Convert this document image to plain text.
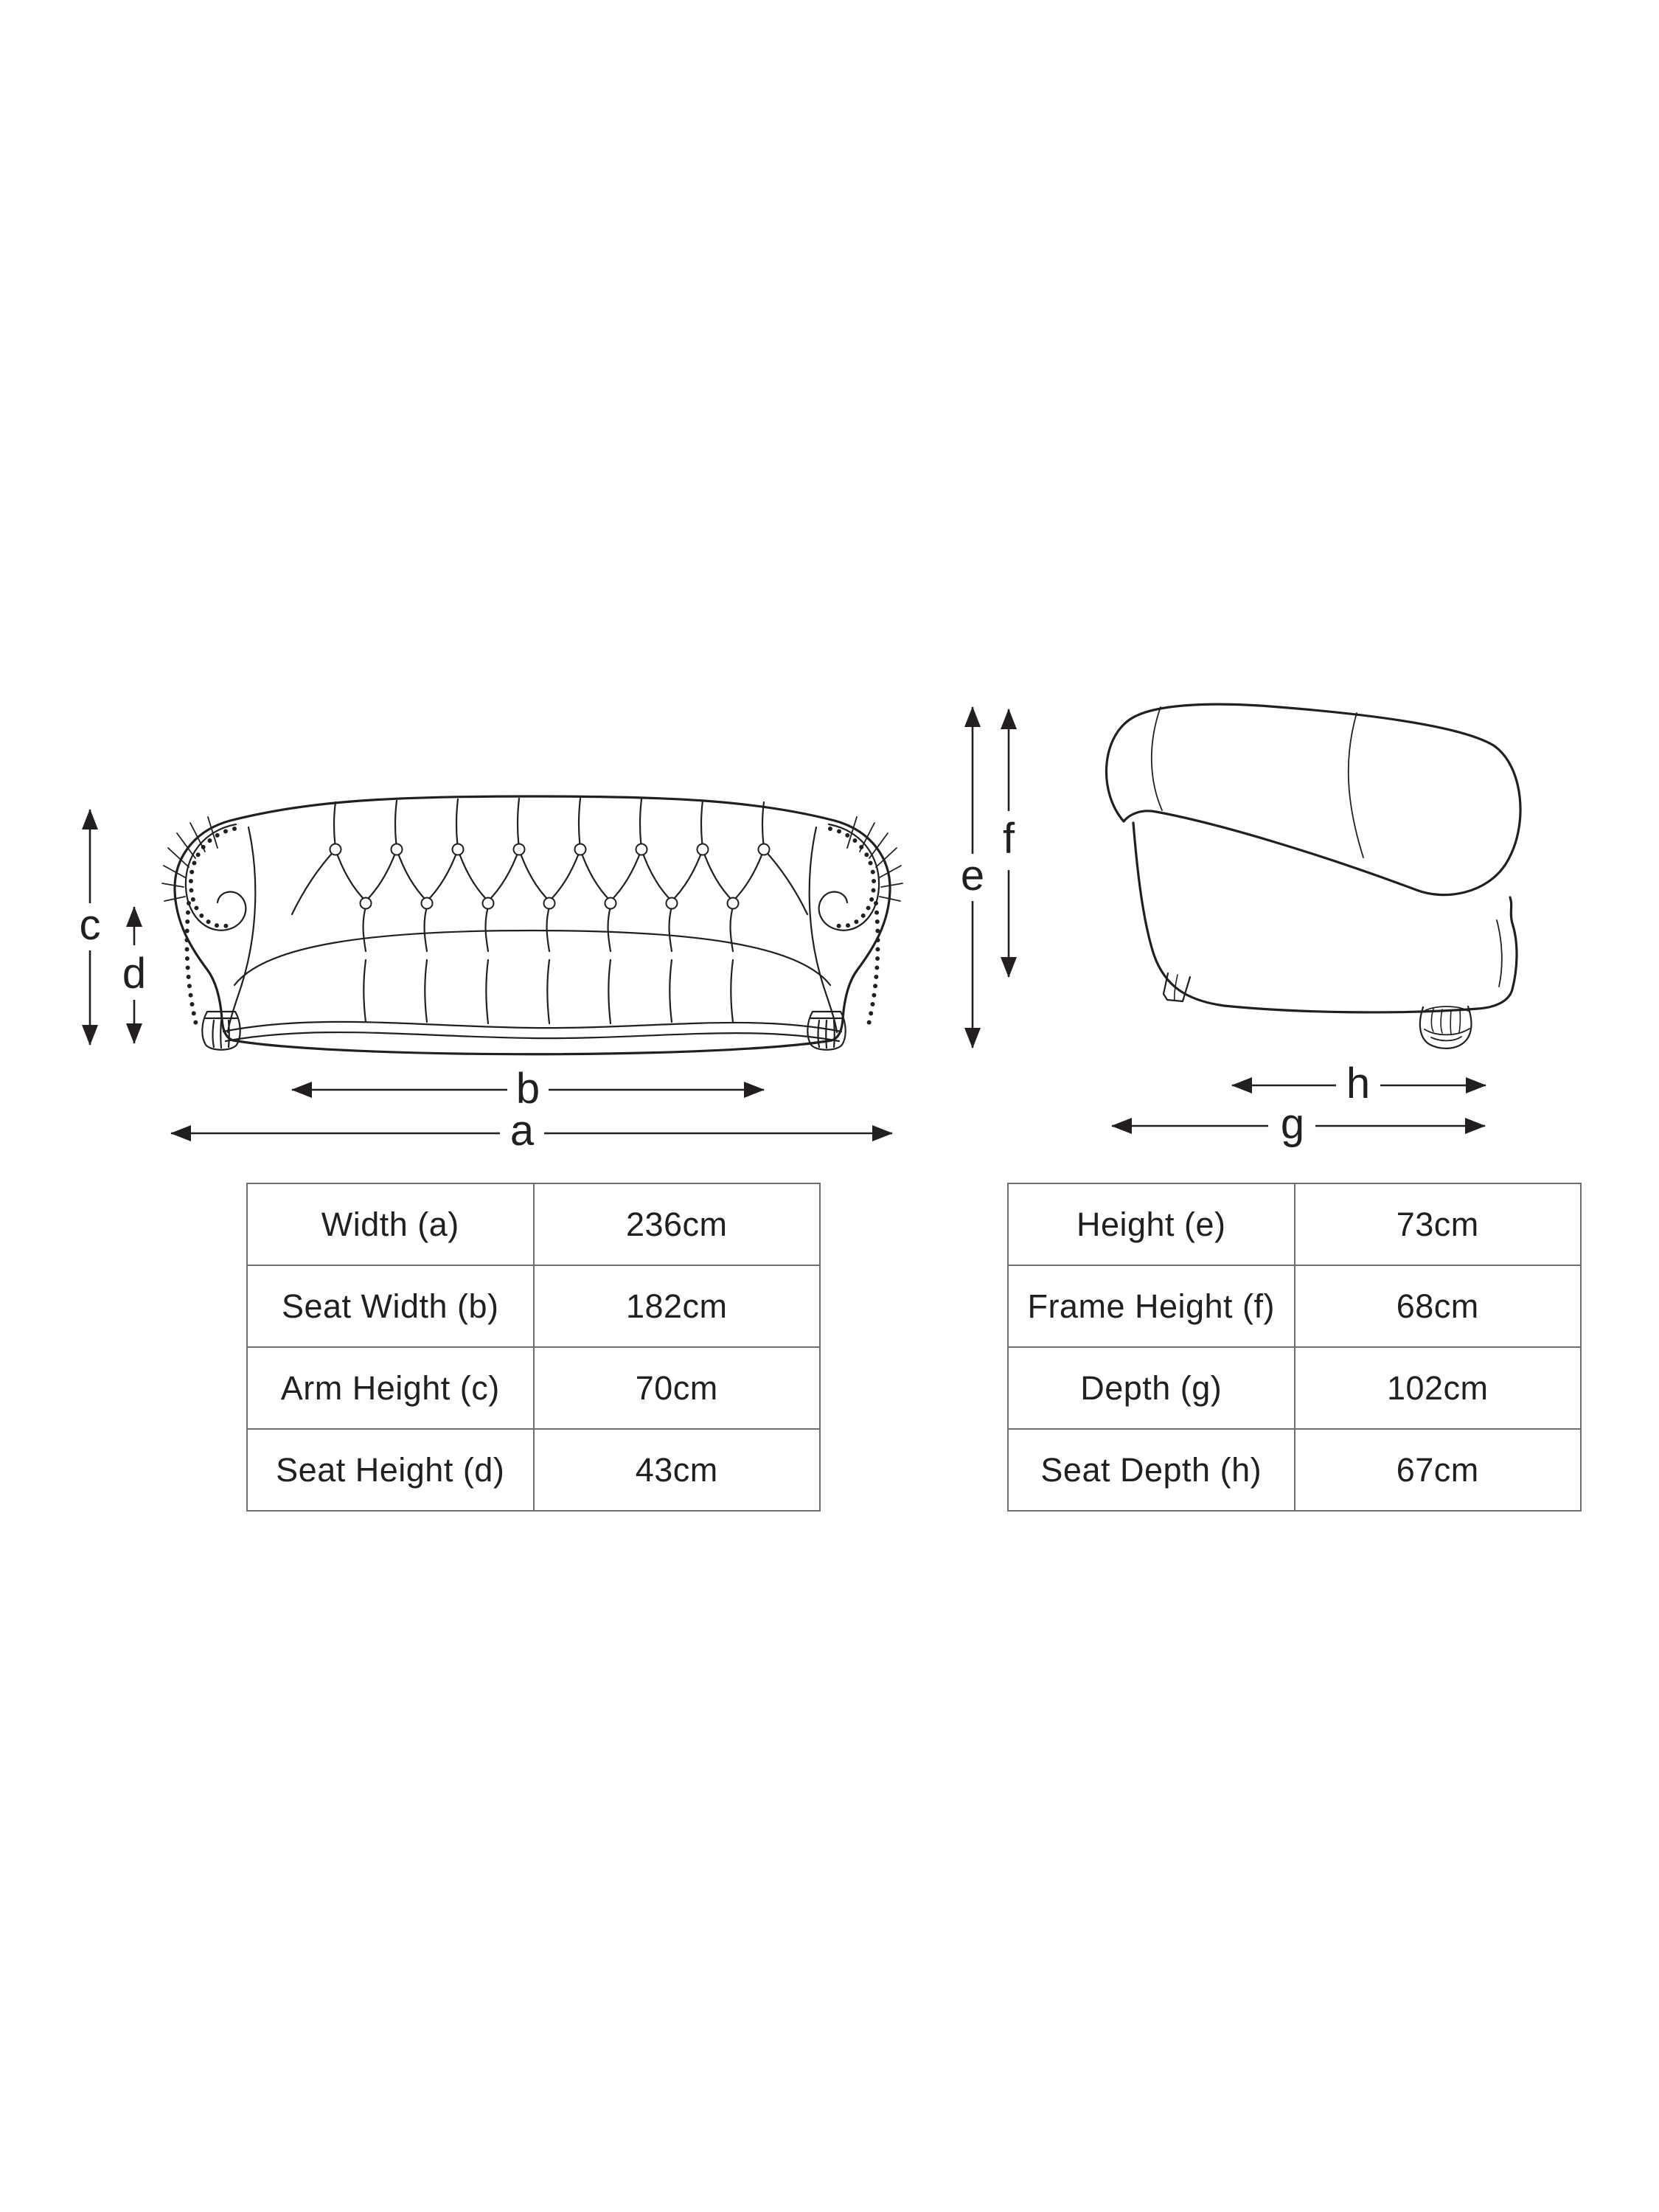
c
d
b
a
e
f
h
g
Width (a)	236cm
Seat Width (b)	182cm
Arm Height (c)	70cm
Seat Height (d)	43cm
Height (e)	73cm
Frame Height (f)	68cm
Depth (g)	102cm
Seat Depth (h)	67cm
